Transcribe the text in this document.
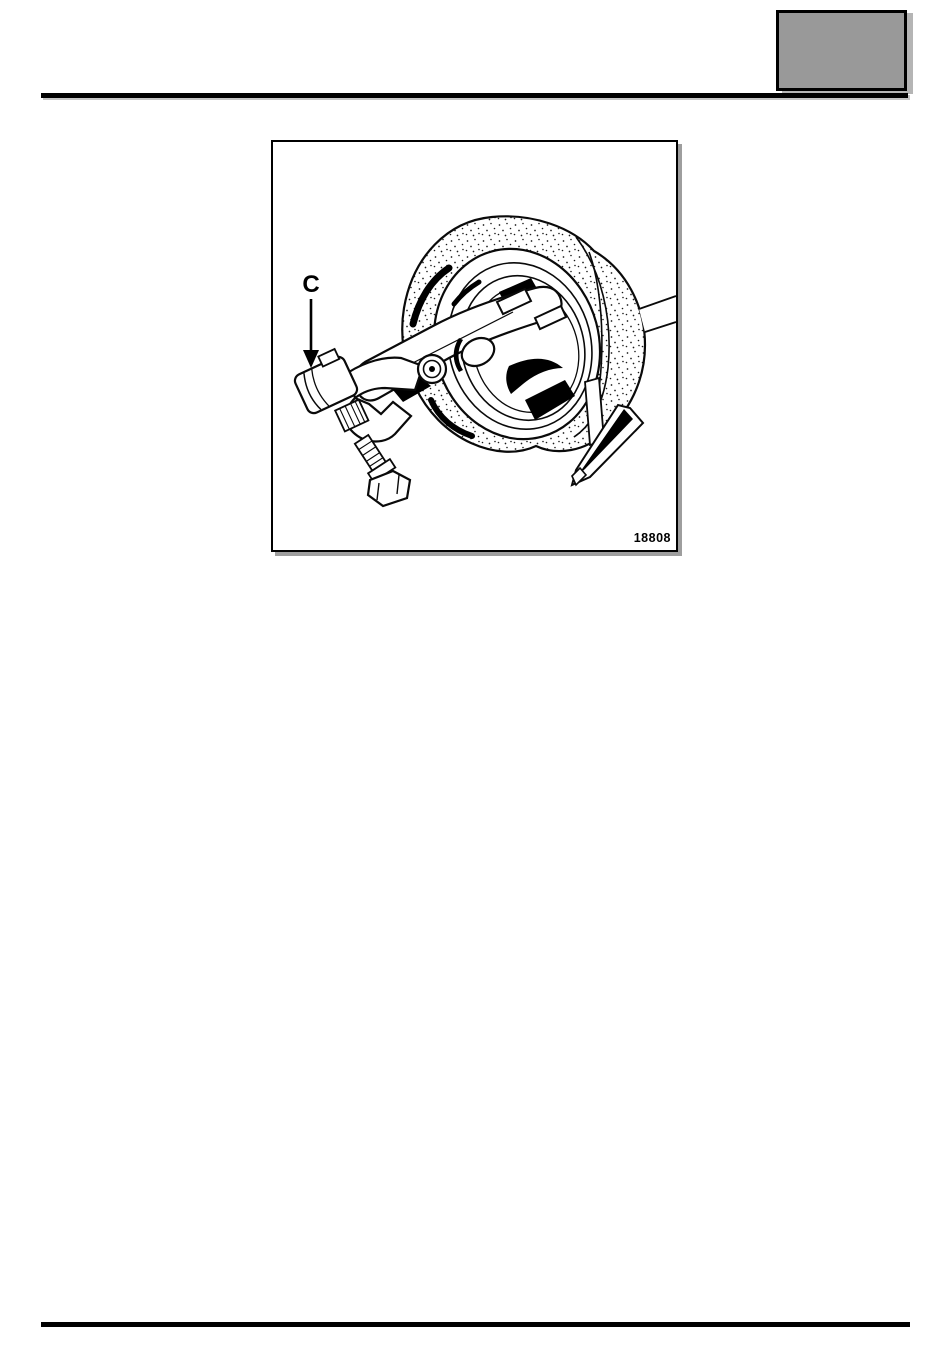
C
18808
